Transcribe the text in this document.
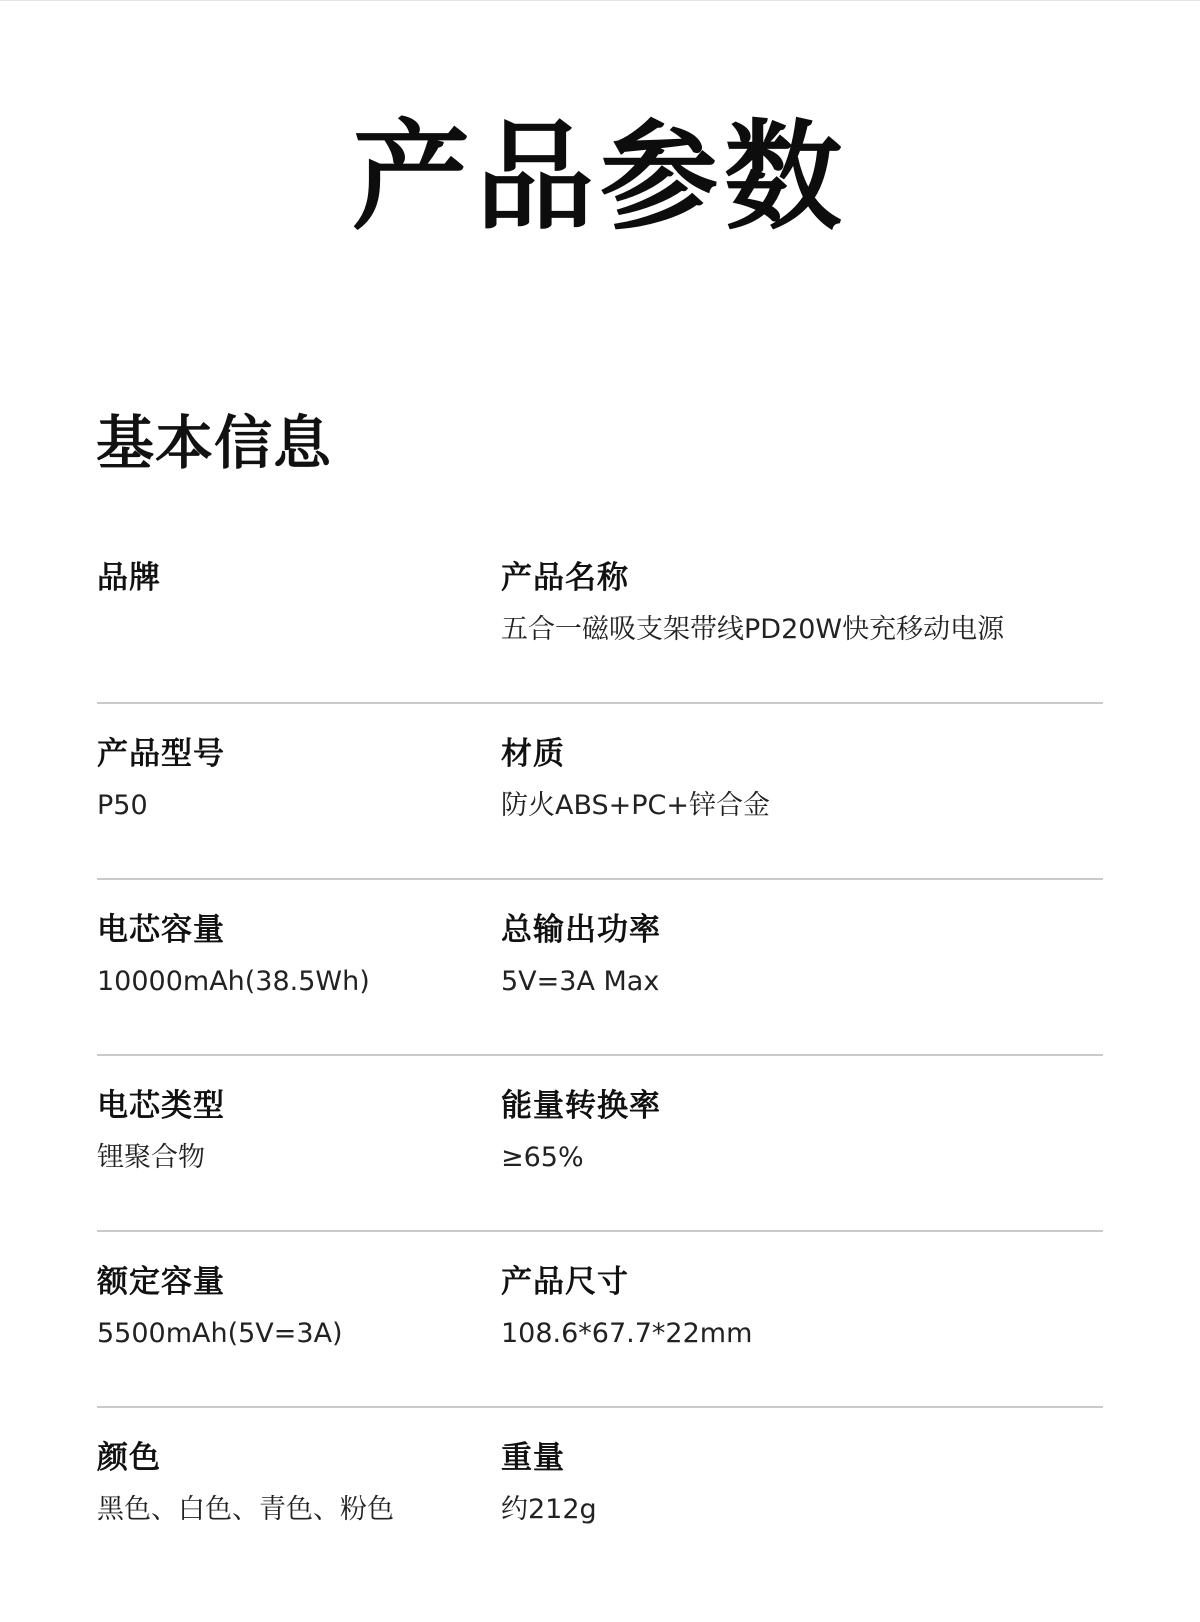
产品参数
基本信息
品牌	产品名称
五合一磁吸支架带线PD20W快充移动电源
产品型号
P50
材质
防火ABS+PC+锌合金
电芯容量
10000mAh(38.5Wh)
总输出功率
5V=3A Max
电芯类型
锂聚合物
能量转换率
≥65%
额定容量
5500mAh(5V=3A)
产品尺寸
108.6*67.7*22mm
颜色
黑色、白色、青色、粉色
重量
约212g
